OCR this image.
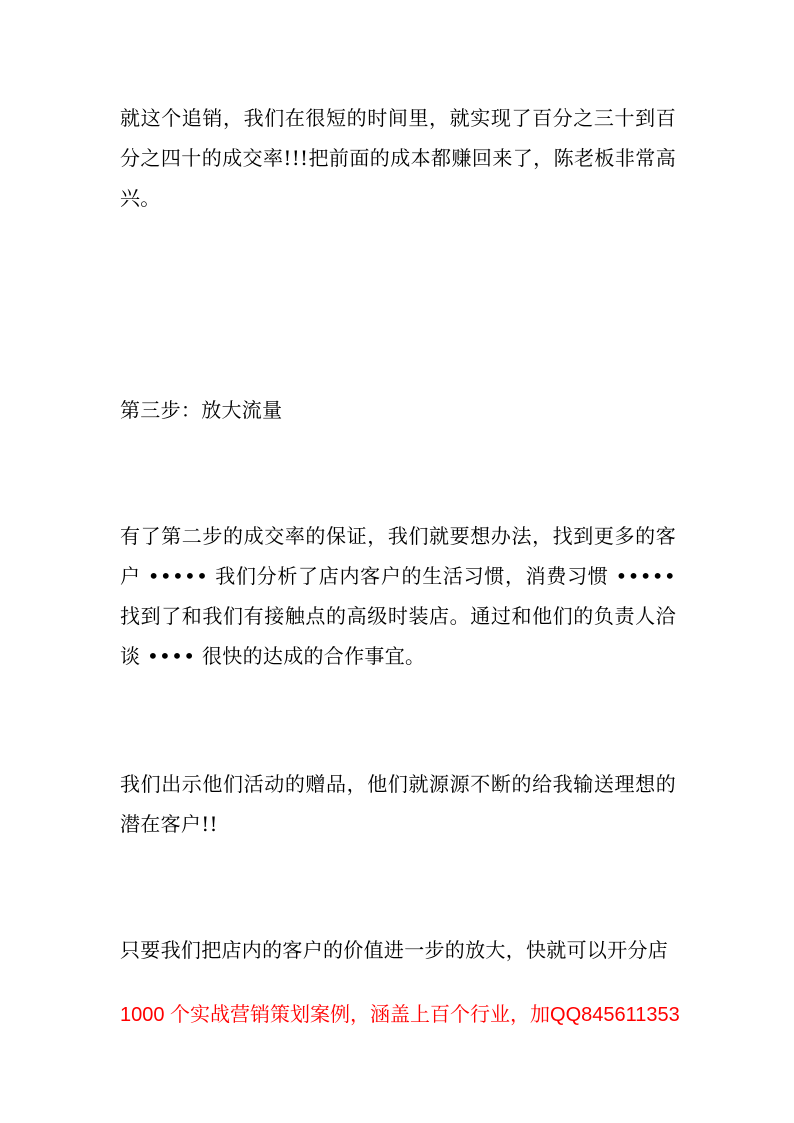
就这个追销，我们在很短的时间里，就实现了百分之三十到百分之四十的成交率!!!把前面的成本都赚回来了，陈老板非常高兴。

第三步：放大流量

有了第二步的成交率的保证，我们就要想办法，找到更多的客户 ••••• 我们分析了店内客户的生活习惯，消费习惯 ••••• 找到了和我们有接触点的高级时装店。通过和他们的负责人洽谈 •••• 很快的达成的合作事宜。

我们出示他们活动的赠品，他们就源源不断的给我输送理想的潜在客户!!

只要我们把店内的客户的价值进一步的放大，快就可以开分店

1000 个实战营销策划案例，涵盖上百个行业，加QQ845611353
